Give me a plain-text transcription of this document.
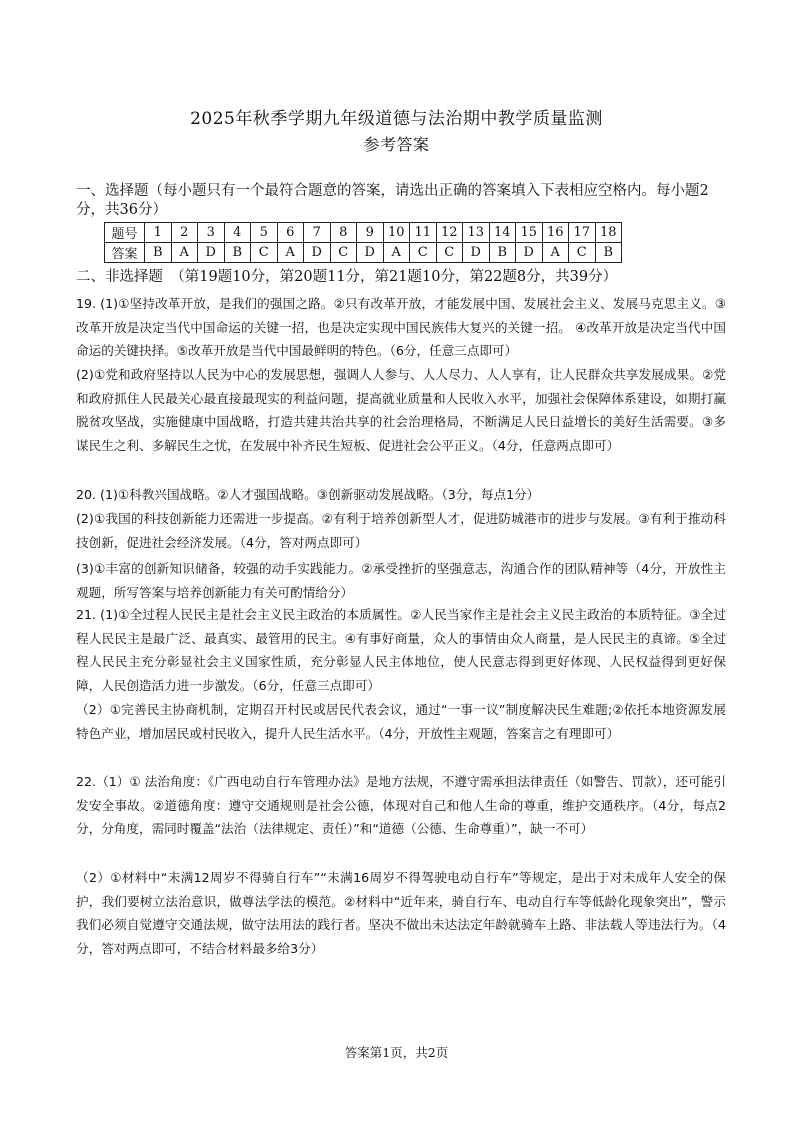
2025年秋季学期九年级道德与法治期中教学质量监测
参考答案
一、选择题（每小题只有一个最符合题意的答案，请选出正确的答案填入下表相应空格内。每小题2分，共36分）
题号	1	2	3	4	5	6	7	8	9	10	11	12	13	14	15	16	17	18
答案	B	A	D	B	C	A	D	C	D	A	C	C	D	B	D	A	C	B
二、非选择题　（第19题10分，第20题11分，第21题10分，第22题8分，共39分）
19. (1)①坚持改革开放，是我们的强国之路。②只有改革开放，才能发展中国、发展社会主义、发展马克思主义。③改革开放是决定当代中国命运的关键一招，也是决定实现中国民族伟大复兴的关键一招。 ④改革开放是决定当代中国命运的关键抉择。⑤改革开放是当代中国最鲜明的特色。（6分，任意三点即可）
(2)①党和政府坚持以人民为中心的发展思想，强调人人参与、人人尽力、人人享有，让人民群众共享发展成果。②党和政府抓住人民最关心最直接最现实的利益问题，提高就业质量和人民收入水平，加强社会保障体系建设，如期打赢脱贫攻坚战，实施健康中国战略，打造共建共治共享的社会治理格局，不断满足人民日益增长的美好生活需要。③多谋民生之利、多解民生之忧，在发展中补齐民生短板、促进社会公平正义。（4分，任意两点即可）
20. (1)①科教兴国战略。②人才强国战略。③创新驱动发展战略。（3分，每点1分）
(2)①我国的科技创新能力还需进一步提高。②有利于培养创新型人才，促进防城港市的进步与发展。③有利于推动科技创新，促进社会经济发展。（4分，答对两点即可）
(3)①丰富的创新知识储备，较强的动手实践能力。②承受挫折的坚强意志，沟通合作的团队精神等（4分，开放性主观题，所写答案与培养创新能力有关可酌情给分）
21. (1)①全过程人民民主是社会主义民主政治的本质属性。②人民当家作主是社会主义民主政治的本质特征。③全过程人民民主是最广泛、最真实、最管用的民主。④有事好商量，众人的事情由众人商量，是人民民主的真谛。⑤全过程人民民主充分彰显社会主义国家性质，充分彰显人民主体地位，使人民意志得到更好体现、人民权益得到更好保障，人民创造活力进一步激发。（6分，任意三点即可）
（2）①完善民主协商机制，定期召开村民或居民代表会议，通过“一事一议”制度解决民生难题;②依托本地资源发展特色产业，增加居民或村民收入，提升人民生活水平。（4分，开放性主观题，答案言之有理即可）
22.（1）① 法治角度：《广西电动自行车管理办法》是地方法规，不遵守需承担法律责任（如警告、罚款），还可能引发安全事故。②道德角度：遵守交通规则是社会公德，体现对自己和他人生命的尊重，维护交通秩序。（4分，每点2分，分角度，需同时覆盖“法治（法律规定、责任）”和“道德（公德、生命尊重）”，缺一不可）
（2）①材料中“未满12周岁不得骑自行车”“未满16周岁不得驾驶电动自行车”等规定，是出于对未成年人安全的保护，我们要树立法治意识，做尊法学法的模范。②材料中“近年来，骑自行车、电动自行车等低龄化现象突出”，警示我们必须自觉遵守交通法规，做守法用法的践行者。坚决不做出未达法定年龄就骑车上路、非法载人等违法行为。（4分，答对两点即可，不结合材料最多给3分）
答案第1页，共2页
